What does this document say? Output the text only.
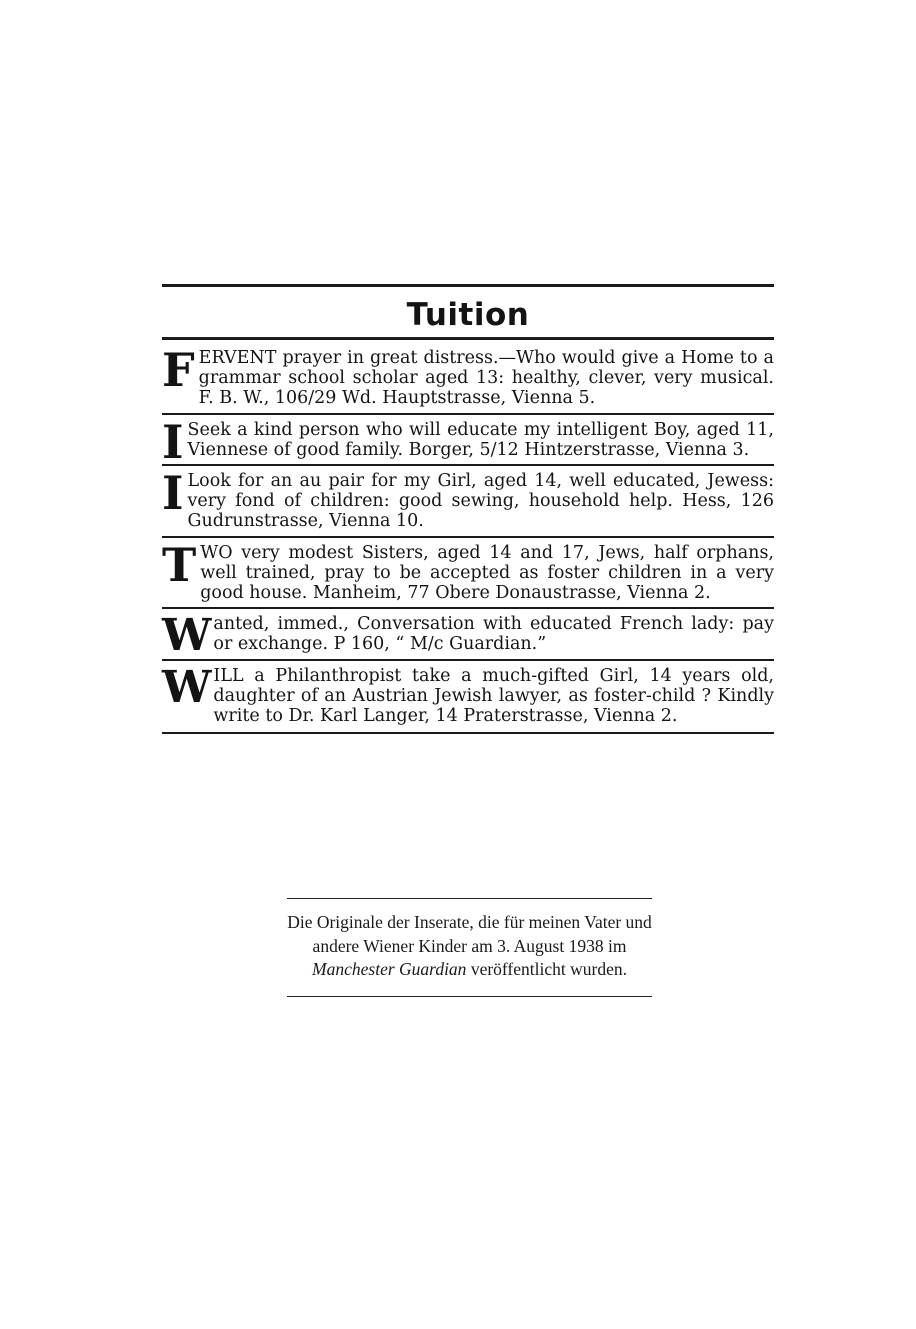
Tuition
F ERVENT prayer in great distress.—Who would give a Home to a grammar school scholar aged 13: healthy, clever, very musical. F. B. W., 106/29 Wd. Hauptstrasse, Vienna 5.
I Seek a kind person who will educate my intelligent Boy, aged 11, Viennese of good family. Borger, 5/12 Hintzerstrasse, Vienna 3.
I Look for an au pair for my Girl, aged 14, well educated, Jewess: very fond of children: good sewing, household help. Hess, 126 Gudrunstrasse, Vienna 10.
T WO very modest Sisters, aged 14 and 17, Jews, half orphans, well trained, pray to be accepted as foster children in a very good house. Manheim, 77 Obere Donaustrasse, Vienna 2.
W anted, immed., Conversation with educated French lady: pay or exchange. P 160, “ M/c Guardian.”
W ILL a Philanthropist take a much-gifted Girl, 14 years old, daughter of an Austrian Jewish lawyer, as foster-child ? Kindly write to Dr. Karl Langer, 14 Praterstrasse, Vienna 2.
Die Originale der Inserate, die für meinen Vater und andere Wiener Kinder am 3. August 1938 im Manchester Guardian veröffentlicht wurden.
